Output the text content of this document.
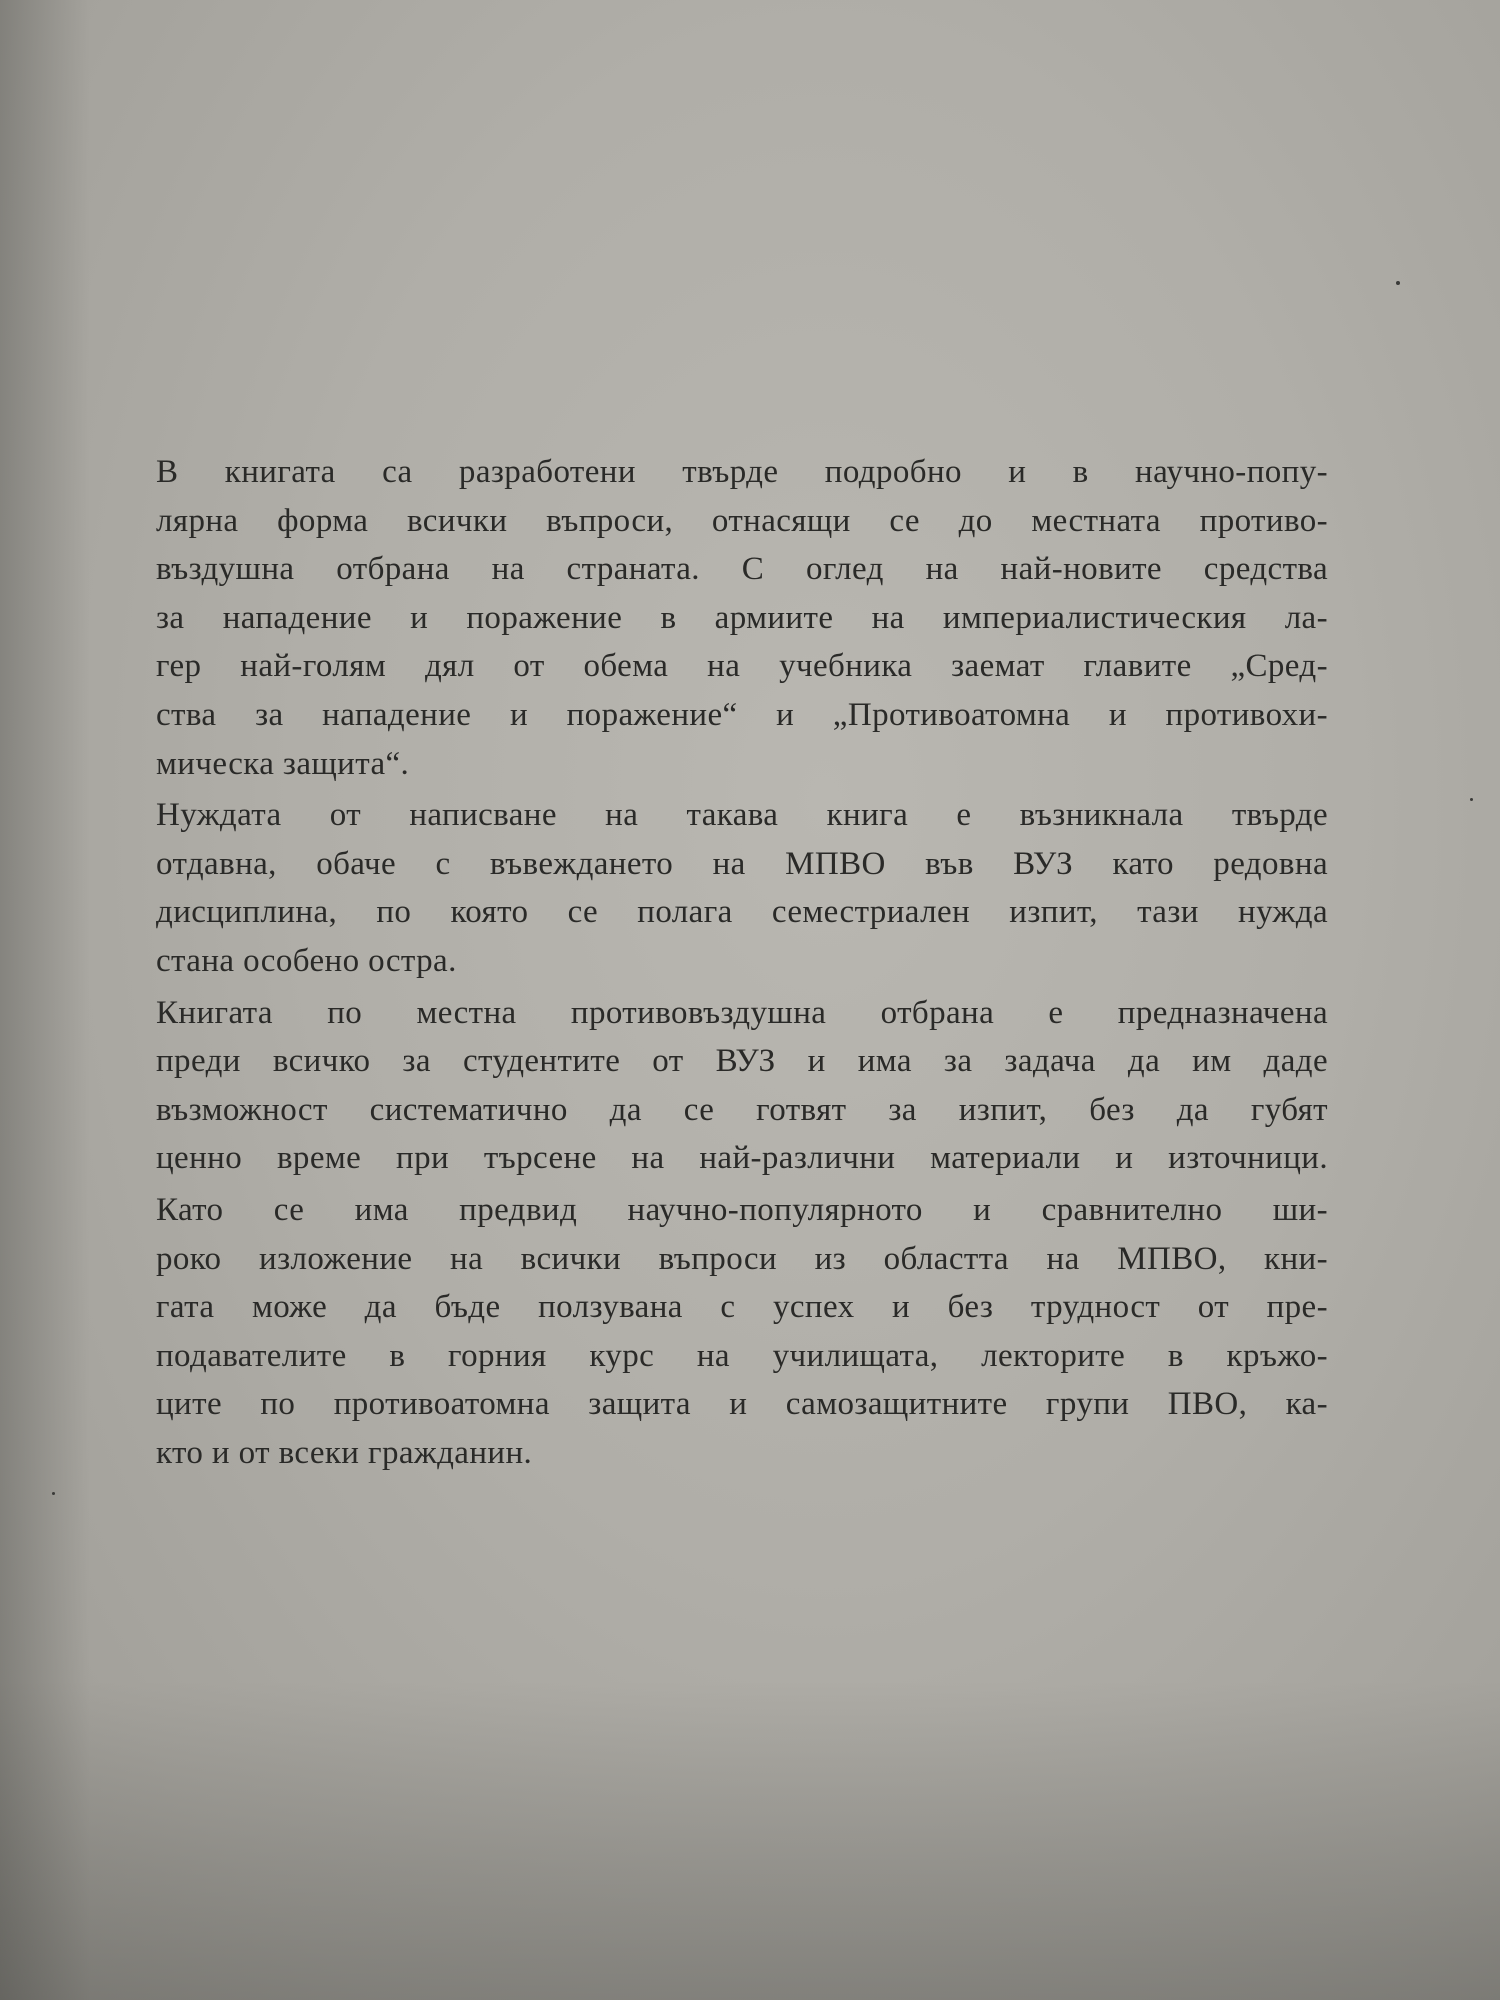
В книгата са разработени твърде подробно и в научно-попу-
лярна форма всички въпроси, отнасящи се до местната противо-
въздушна отбрана на страната. С оглед на най-новите средства
за нападение и поражение в армиите на империалистическия ла-
гер най-голям дял от обема на учебника заемат главите „Сред-
ства за нападение и поражение“ и „Противоатомна и противохи-
мическа защита“.
Нуждата от написване на такава книга е възникнала твърде
отдавна, обаче с въвеждането на МПВО във ВУЗ като редовна
дисциплина, по която се полага семестриален изпит, тази нужда
стана особено остра.
Книгата по местна противовъздушна отбрана е предназначена
преди всичко за студентите от ВУЗ и има за задача да им даде
възможност систематично да се готвят за изпит, без да губят
ценно време при търсене на най-различни материали и източници.
Като се има предвид научно-популярното и сравнително ши-
роко изложение на всички въпроси из областта на МПВО, кни-
гата може да бъде ползувана с успех и без трудност от пре-
подавателите в горния курс на училищата, лекторите в кръжо-
ците по противоатомна защита и самозащитните групи ПВО, ка-
кто и от всеки гражданин.
